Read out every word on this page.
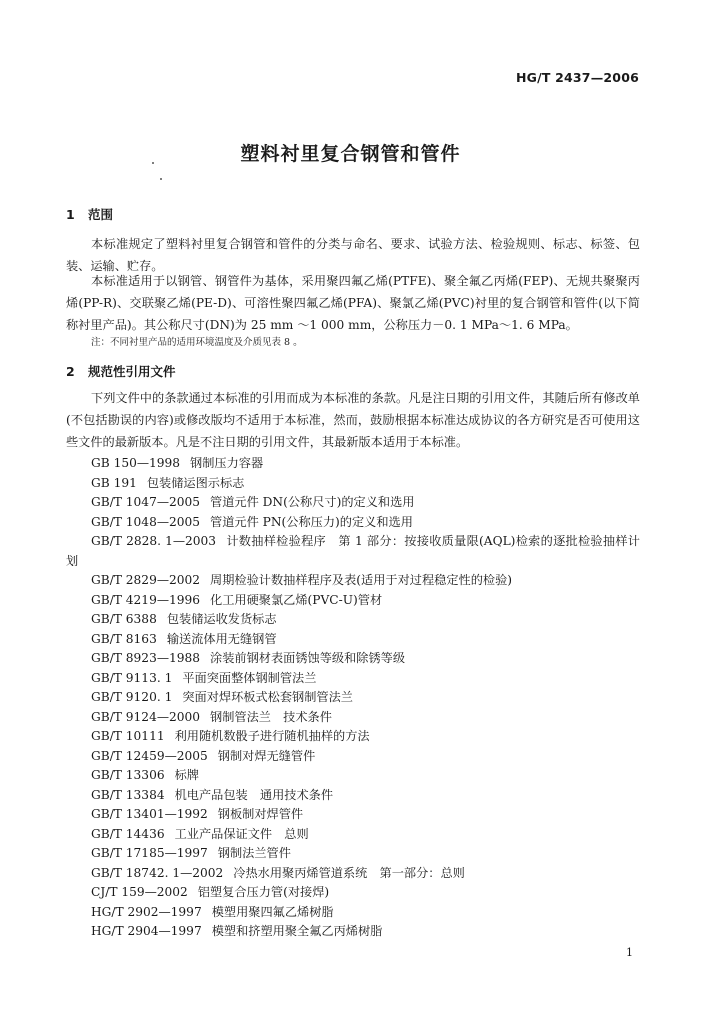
HG/T 2437—2006
塑料衬里复合钢管和管件
1 范围

本标准规定了塑料衬里复合钢管和管件的分类与命名、要求、试验方法、检验规则、标志、标签、包装、运输、贮存。

本标准适用于以钢管、钢管件为基体，采用聚四氟乙烯(PTFE)、聚全氟乙丙烯(FEP)、无规共聚聚丙烯(PP-R)、交联聚乙烯(PE-D)、可溶性聚四氟乙烯(PFA)、聚氯乙烯(PVC)衬里的复合钢管和管件(以下简称衬里产品)。其公称尺寸(DN)为 25 mm ～1 000 mm，公称压力－0. 1 MPa～1. 6 MPa。

注：不同衬里产品的适用环境温度及介质见表 8 。
2 规范性引用文件

下列文件中的条款通过本标准的引用而成为本标准的条款。凡是注日期的引用文件，其随后所有修改单(不包括勘误的内容)或修改版均不适用于本标准，然而，鼓励根据本标准达成协议的各方研究是否可使用这些文件的最新版本。凡是不注日期的引用文件，其最新版本适用于本标准。

GB 150—1998 钢制压力容器
GB 191 包装储运图示标志
GB/T 1047—2005 管道元件 DN(公称尺寸)的定义和选用
GB/T 1048—2005 管道元件 PN(公称压力)的定义和选用
GB/T 2828. 1—2003 计数抽样检验程序　第 1 部分：按接收质量限(AQL)检索的逐批检验抽样计划
GB/T 2829—2002 周期检验计数抽样程序及表(适用于对过程稳定性的检验)
GB/T 4219—1996 化工用硬聚氯乙烯(PVC-U)管材
GB/T 6388 包装储运收发货标志
GB/T 8163 输送流体用无缝钢管
GB/T 8923—1988 涂装前钢材表面锈蚀等级和除锈等级
GB/T 9113. 1 平面突面整体钢制管法兰
GB/T 9120. 1 突面对焊环板式松套钢制管法兰
GB/T 9124—2000 钢制管法兰　技术条件
GB/T 10111 利用随机数骰子进行随机抽样的方法
GB/T 12459—2005 钢制对焊无缝管件
GB/T 13306 标牌
GB/T 13384 机电产品包装　通用技术条件
GB/T 13401—1992 钢板制对焊管件
GB/T 14436 工业产品保证文件　总则
GB/T 17185—1997 钢制法兰管件
GB/T 18742. 1—2002 冷热水用聚丙烯管道系统　第一部分：总则
CJ/T 159—2002 铝塑复合压力管(对接焊)
HG/T 2902—1997 模塑用聚四氟乙烯树脂
HG/T 2904—1997 模塑和挤塑用聚全氟乙丙烯树脂
1
